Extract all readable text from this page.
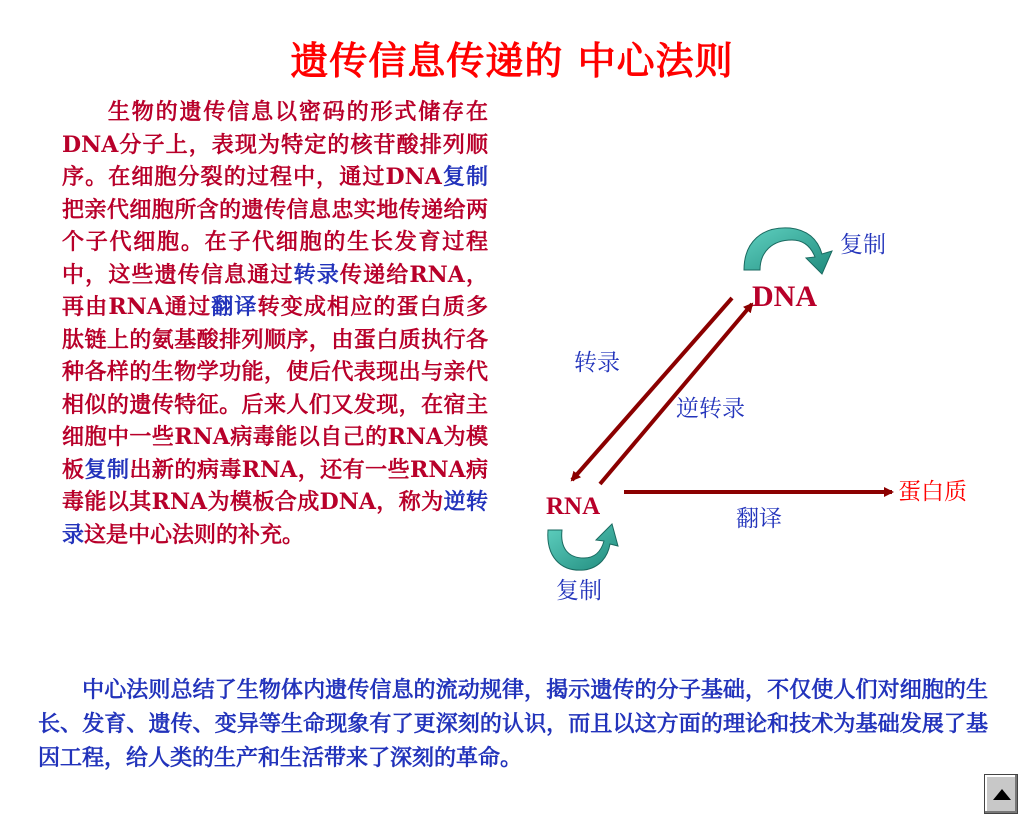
遗传信息传递的 中心法则
生物的遗传信息以密码的形式储存在DNA分子上，表现为特定的核苷酸排列顺序。在细胞分裂的过程中，通过DNA复制把亲代细胞所含的遗传信息忠实地传递给两个子代细胞。在子代细胞的生长发育过程中，这些遗传信息通过转录传递给RNA，再由RNA通过翻译转变成相应的蛋白质多肽链上的氨基酸排列顺序，由蛋白质执行各种各样的生物学功能，使后代表现出与亲代相似的遗传特征。后来人们又发现，在宿主细胞中一些RNA病毒能以自己的RNA为模板复制出新的病毒RNA，还有一些RNA病毒能以其RNA为模板合成DNA，称为逆转录这是中心法则的补充。
DNA
RNA
蛋白质
复制
转录
逆转录
翻译
复制
中心法则总结了生物体内遗传信息的流动规律，揭示遗传的分子基础，不仅使人们对细胞的生长、发育、遗传、变异等生命现象有了更深刻的认识，而且以这方面的理论和技术为基础发展了基因工程，给人类的生产和生活带来了深刻的革命。
